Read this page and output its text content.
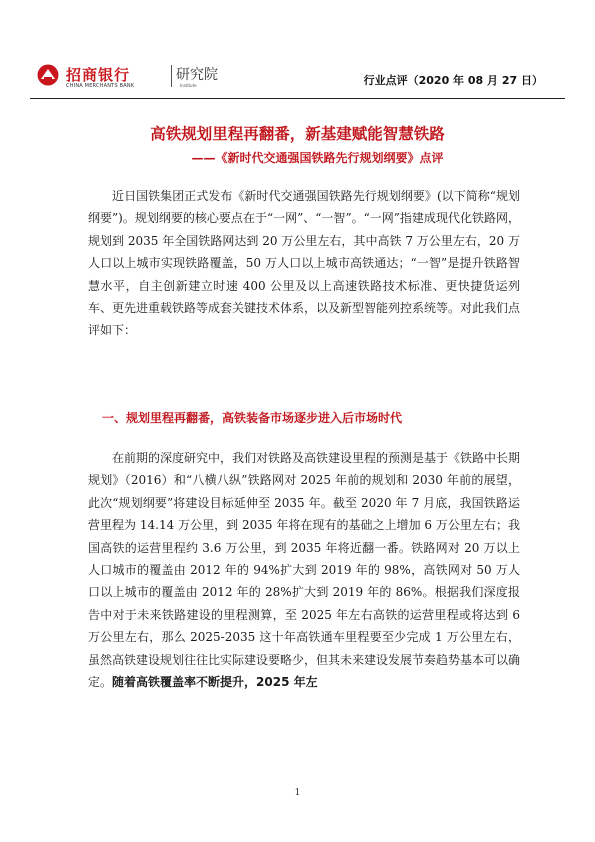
招商银行	研究院
CHINA MERCHANTS BANK	Institute	行业点评（2020 年 08 月 27 日）
高铁规划里程再翻番，新基建赋能智慧铁路
——《新时代交通强国铁路先行规划纲要》点评

近日国铁集团正式发布《新时代交通强国铁路先行规划纲要》(以下简称“规划纲要”)。规划纲要的核心要点在于“一网”、“一智”。“一网”指建成现代化铁路网，规划到 2035 年全国铁路网达到 20 万公里左右，其中高铁 7 万公里左右，20 万人口以上城市实现铁路覆盖，50 万人口以上城市高铁通达；“一智”是提升铁路智慧水平，自主创新建立时速 400 公里及以上高速铁路技术标准、更快捷货运列车、更先进重载铁路等成套关键技术体系，以及新型智能列控系统等。对此我们点评如下：

一、规划里程再翻番，高铁装备市场逐步进入后市场时代

在前期的深度研究中，我们对铁路及高铁建设里程的预测是基于《铁路中长期规划》（2016）和“八横八纵”铁路网对 2025 年前的规划和 2030 年前的展望，此次“规划纲要”将建设目标延伸至 2035 年。截至 2020 年 7 月底，我国铁路运营里程为 14.14 万公里，到 2035 年将在现有的基础之上增加 6 万公里左右；我国高铁的运营里程约 3.6 万公里，到 2035 年将近翻一番。铁路网对 20 万以上人口城市的覆盖由 2012 年的 94%扩大到 2019 年的 98%，高铁网对 50 万人口以上城市的覆盖由 2012 年的 28%扩大到 2019 年的 86%。根据我们深度报告中对于未来铁路建设的里程测算，至 2025 年左右高铁的运营里程或将达到 6 万公里左右，那么 2025-2035 这十年高铁通车里程要至少完成 1 万公里左右，虽然高铁建设规划往往比实际建设要略少，但其未来建设发展节奏趋势基本可以确定。随着高铁覆盖率不断提升，2025 年左

1
